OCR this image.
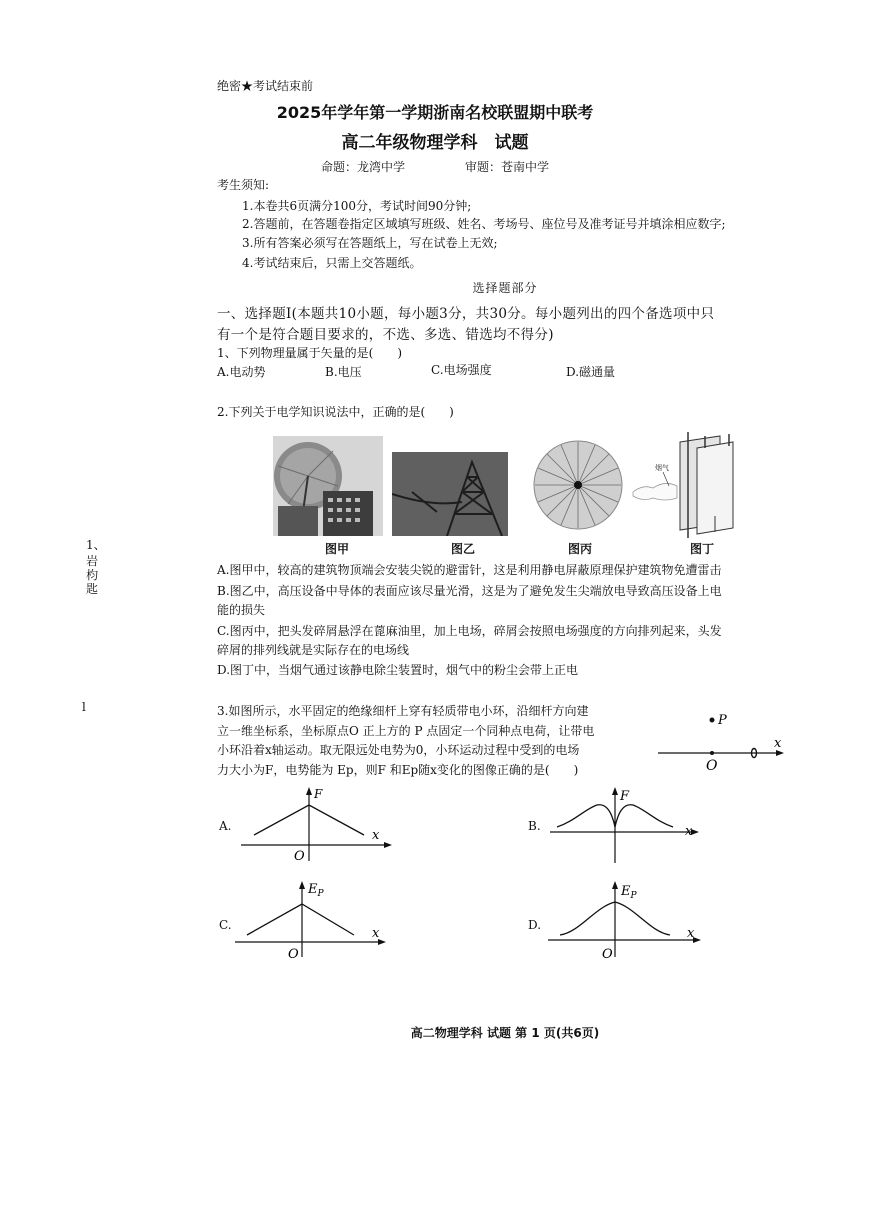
绝密★考试结束前
2025年学年第一学期浙南名校联盟期中联考
高二年级物理学科　试题
命题：龙湾中学　　　　　审题：苍南中学
考生须知:
1.本卷共6页满分100分，考试时间90分钟;
2.答题前，在答题卷指定区域填写班级、姓名、考场号、座位号及准考证号并填涂相应数字;
3.所有答案必须写在答题纸上，写在试卷上无效;
4.考试结束后，只需上交答题纸。
选择题部分
一、选择题Ⅰ(本题共10小题，每小题3分，共30分。每小题列出的四个备选项中只
有一个是符合题目要求的，不选、多选、错选均不得分)
1、下列物理量属于矢量的是(　　)
A.电动势	B.电压	C.电场强度	D.磁通量
2.下列关于电学知识说法中，正确的是(　　)
图甲	图乙	图丙
烟气
图丁
A.图甲中，较高的建筑物顶端会安装尖锐的避雷针，这是利用静电屏蔽原理保护建筑物免遭雷击
B.图乙中，高压设备中导体的表面应该尽量光滑，这是为了避免发生尖端放电导致高压设备上电
能的损失
C.图丙中，把头发碎屑悬浮在蓖麻油里，加上电场，碎屑会按照电场强度的方向排列起来，头发
碎屑的排列线就是实际存在的电场线
D.图丁中，当烟气通过该静电除尘装置时，烟气中的粉尘会带上正电
1、
岩
枃
匙
l	3.如图所示，水平固定的绝缘细杆上穿有轻质带电小环，沿细杆方向建
立一维坐标系，坐标原点O 正上方的 P 点固定一个同种点电荷，让带电
小环沿着x轴运动。取无限远处电势为0，小环运动过程中受到的电场
力大小为F，电势能为 Ep，则F 和Ep随x变化的图像正确的是(　　)
P
x
O
A.
F
x
O
B.
F
x
C.
$E_P$
x
O
D.
$E_P$
x
O
高二物理学科 试题 第 1 页(共6页)
